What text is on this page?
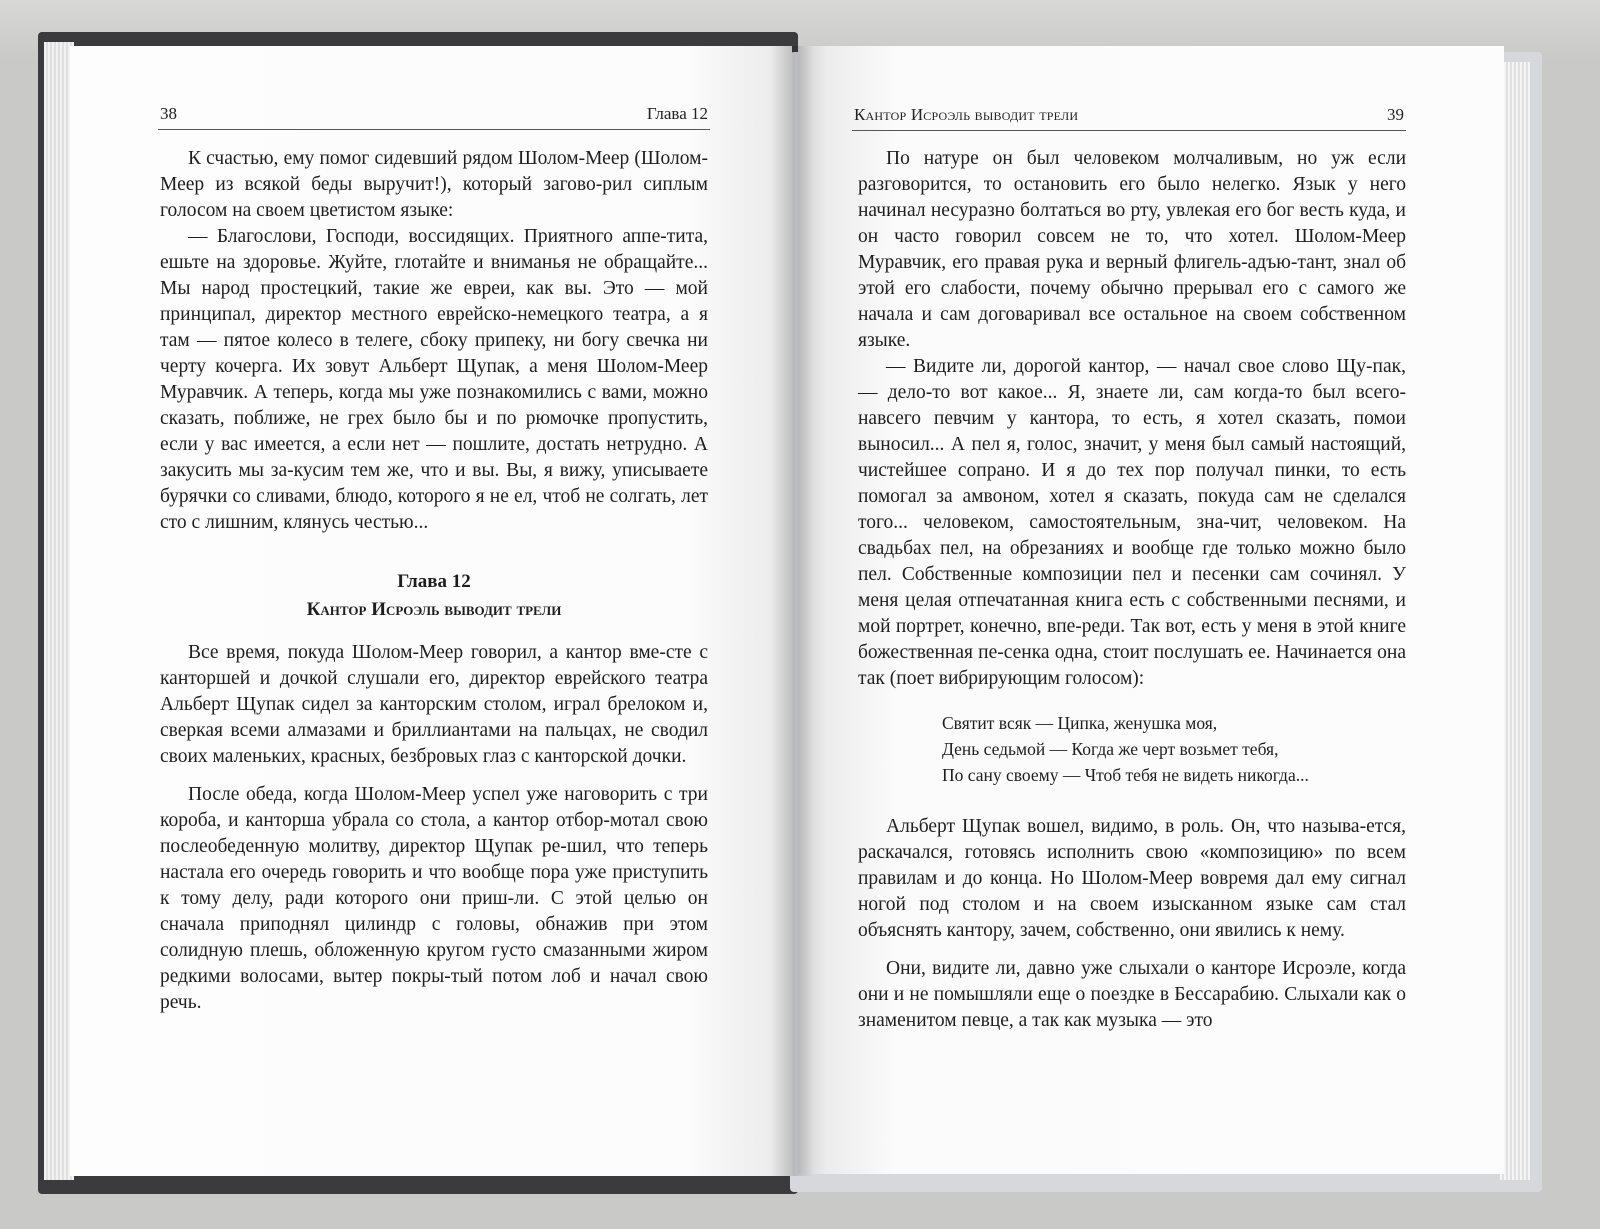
38	Глава 12

К счастью, ему помог сидевший рядом Шолом-Меер (Шолом-Меер из всякой беды выручит!), который загово-рил сиплым голосом на своем цветистом языке:

— Благослови, Господи, воссидящих. Приятного аппе-тита, ешьте на здоровье. Жуйте, глотайте и вниманья не обращайте... Мы народ простецкий, такие же евреи, как вы. Это — мой принципал, директор местного еврейско-немецкого театра, а я там — пятое колесо в телеге, сбоку припеку, ни богу свечка ни черту кочерга. Их зовут Альберт Щупак, а меня Шолом-Меер Муравчик. А теперь, когда мы уже познакомились с вами, можно сказать, поближе, не грех было бы и по рюмочке пропустить, если у вас имеется, а если нет — пошлите, достать нетрудно. А закусить мы за-кусим тем же, что и вы. Вы, я вижу, уписываете бурячки со сливами, блюдо, которого я не ел, чтоб не солгать, лет сто с лишним, клянусь честью...

Глава 12
Кантор Исроэль выводит трели

Все время, покуда Шолом-Меер говорил, а кантор вме-сте с канторшей и дочкой слушали его, директор еврейского театра Альберт Щупак сидел за канторским столом, играл брелоком и, сверкая всеми алмазами и бриллиантами на пальцах, не сводил своих маленьких, красных, безбровых глаз с канторской дочки.

После обеда, когда Шолом-Меер успел уже наговорить с три короба, и канторша убрала со стола, а кантор отбор-мотал свою послеобеденную молитву, директор Щупак ре-шил, что теперь настала его очередь говорить и что вообще пора уже приступить к тому делу, ради которого они приш-ли. С этой целью он сначала приподнял цилиндр с головы, обнажив при этом солидную плешь, обложенную кругом густо смазанными жиром редкими волосами, вытер покры-тый потом лоб и начал свою речь.

Кантор Исроэль выводит трели	39

По натуре он был человеком молчаливым, но уж если разговорится, то остановить его было нелегко. Язык у него начинал несуразно болтаться во рту, увлекая его бог весть куда, и он часто говорил совсем не то, что хотел. Шолом-Меер Муравчик, его правая рука и верный флигель-адъю-тант, знал об этой его слабости, почему обычно прерывал его с самого же начала и сам договаривал все остальное на своем собственном языке.

— Видите ли, дорогой кантор, — начал свое слово Щу-пак, — дело-то вот какое... Я, знаете ли, сам когда-то был всего-навсего певчим у кантора, то есть, я хотел сказать, помои выносил... А пел я, голос, значит, у меня был самый настоящий, чистейшее сопрано. И я до тех пор получал пинки, то есть помогал за амвоном, хотел я сказать, покуда сам не сделался того... человеком, самостоятельным, зна-чит, человеком. На свадьбах пел, на обрезаниях и вообще где только можно было пел. Собственные композиции пел и песенки сам сочинял. У меня целая отпечатанная книга есть с собственными песнями, и мой портрет, конечно, впе-реди. Так вот, есть у меня в этой книге божественная пе-сенка одна, стоит послушать ее. Начинается она так (поет вибрирующим голосом):

Святит всяк — Ципка, женушка моя,
День седьмой — Когда же черт возьмет тебя,
По сану своему — Чтоб тебя не видеть никогда...

Альберт Щупак вошел, видимо, в роль. Он, что называ-ется, раскачался, готовясь исполнить свою «композицию» по всем правилам и до конца. Но Шолом-Меер вовремя дал ему сигнал ногой под столом и на своем изысканном языке сам стал объяснять кантору, зачем, собственно, они явились к нему.

Они, видите ли, давно уже слыхали о канторе Исроэле, когда они и не помышляли еще о поездке в Бессарабию. Слыхали как о знаменитом певце, а так как музыка — это
